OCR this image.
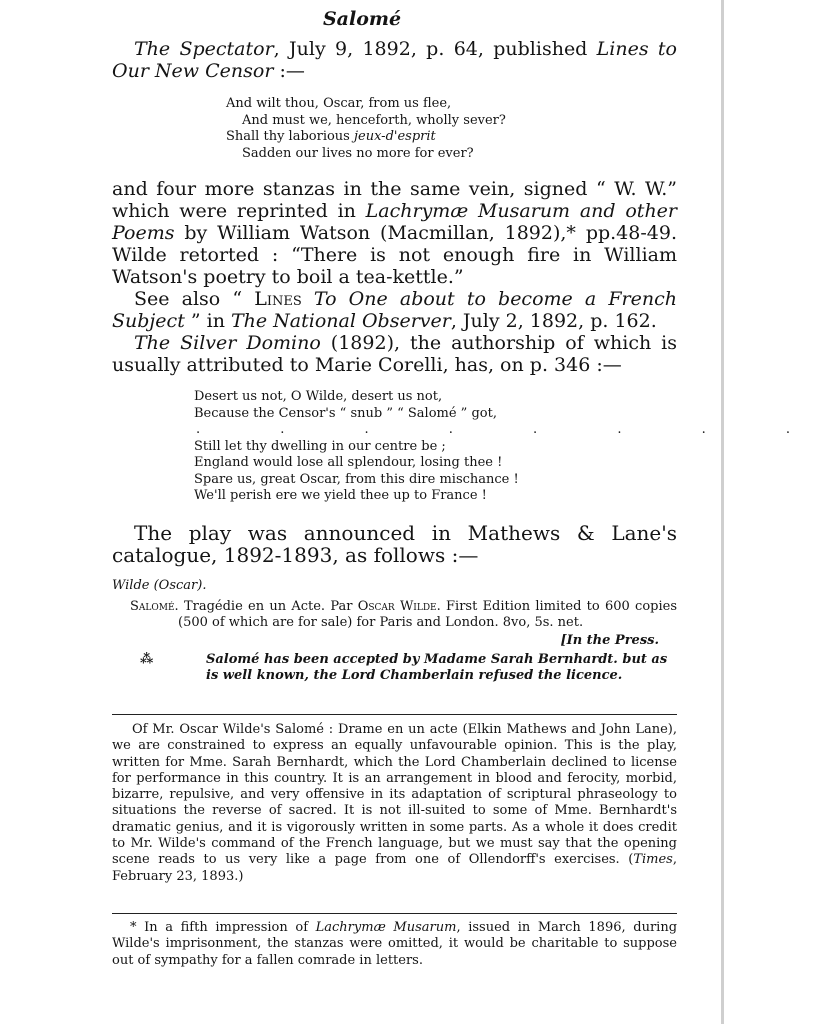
Salomé
The Spectator, July 9, 1892, p. 64, published Lines to Our New Censor :—
And wilt thou, Oscar, from us flee,
And must we, henceforth, wholly sever?
Shall thy laborious jeux-d'esprit
Sadden our lives no more for ever?
and four more stanzas in the same vein, signed “ W. W.” which were reprinted in Lachrymæ Musarum and other Poems by William Watson (Macmillan, 1892),* pp.48-49. Wilde retorted : “There is not enough fire in William Watson's poetry to boil a tea-kettle.”
See also “ Lines To One about to become a French Subject ” in The National Observer, July 2, 1892, p. 162.
The Silver Domino (1892), the authorship of which is usually attributed to Marie Corelli, has, on p. 346 :—
Desert us not, O Wilde, desert us not,
Because the Censor's “ snub ” “ Salomé ” got,
. . . . . . . .
Still let thy dwelling in our centre be ;
England would lose all splendour, losing thee !
Spare us, great Oscar, from this dire mischance !
We'll perish ere we yield thee up to France !
The play was announced in Mathews & Lane's catalogue, 1892-1893, as follows :—
Wilde (Oscar).
Salomé. Tragédie en un Acte. Par Oscar Wilde. First Edition limited to 600 copies (500 of which are for sale) for Paris and London. 8vo, 5s. net.
[In the Press.
⁂	Salomé has been accepted by Madame Sarah Bernhardt. but as is well known, the Lord Chamberlain refused the licence.
Of Mr. Oscar Wilde's Salomé : Drame en un acte (Elkin Mathews and John Lane), we are constrained to express an equally unfavourable opinion. This is the play, written for Mme. Sarah Bernhardt, which the Lord Chamberlain declined to license for performance in this country. It is an arrangement in blood and ferocity, morbid, bizarre, repulsive, and very offensive in its adaptation of scriptural phraseology to situations the reverse of sacred. It is not ill-suited to some of Mme. Bernhardt's dramatic genius, and it is vigorously written in some parts. As a whole it does credit to Mr. Wilde's command of the French language, but we must say that the opening scene reads to us very like a page from one of Ollendorff's exercises. (Times, February 23, 1893.)
* In a fifth impression of Lachrymæ Musarum, issued in March 1896, during Wilde's imprisonment, the stanzas were omitted, it would be charitable to suppose out of sympathy for a fallen comrade in letters.
